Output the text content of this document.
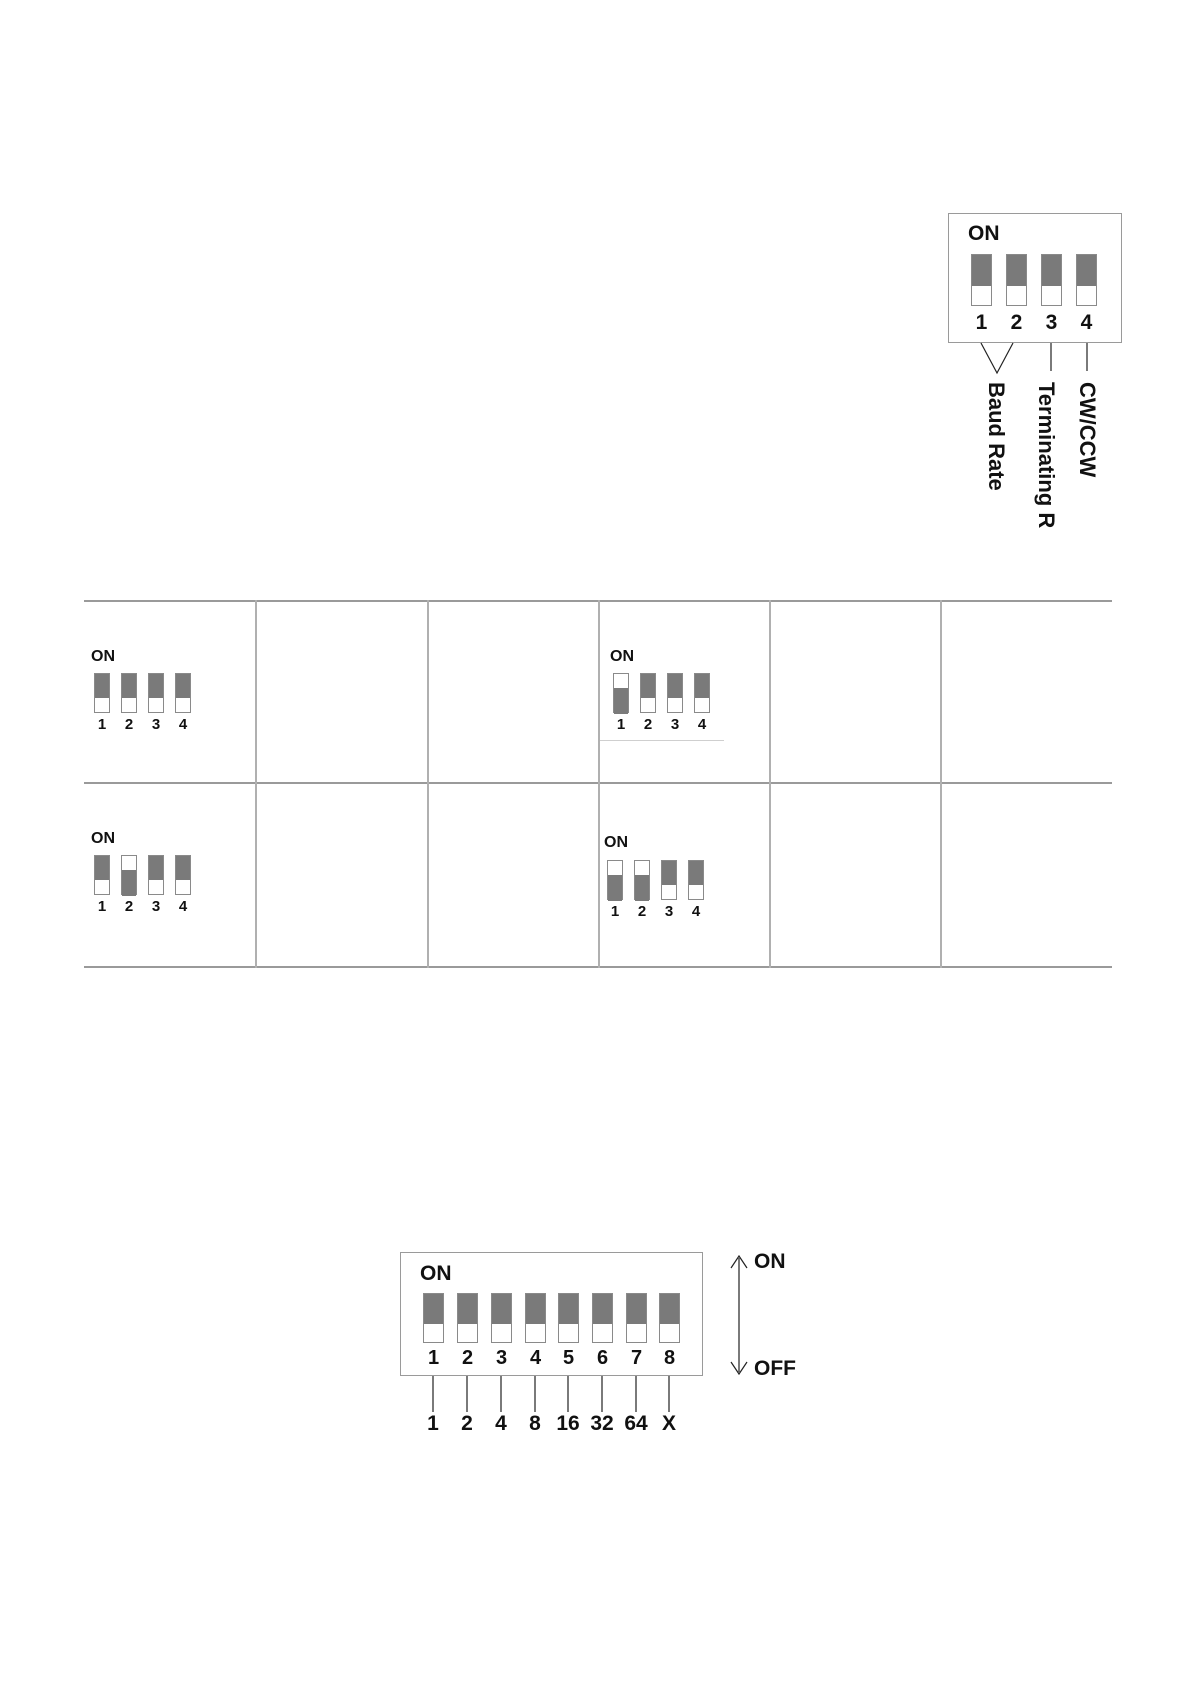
ON
1	2	3	4
Baud Rate Terminating R CW/CCW
ON
1	2	3	4
ON
1	2	3	4
ON
1	2	3	4
ON
1	2	3	4
ON
1	2	3	4	5	6	7	8
1	2	4	8 16 32 64 X
ON
OFF
